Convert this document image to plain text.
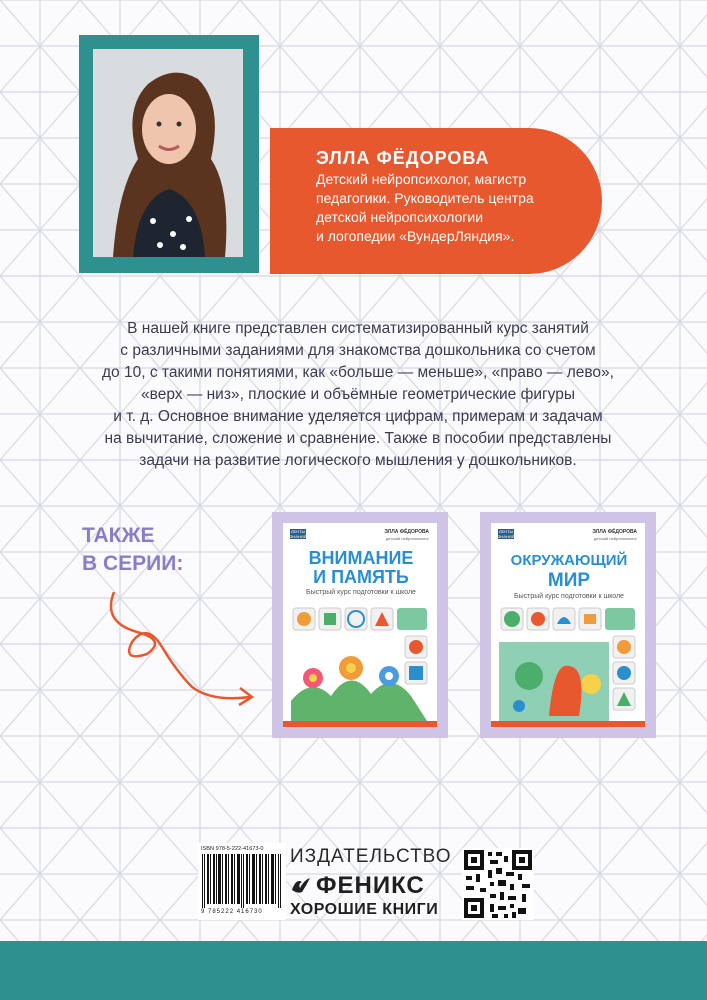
ЭЛЛА ФЁДОРОВА
Детский нейропсихолог, магистр
педагогики. Руководитель центра
детской нейропсихологии
и логопедии «ВундерЛяндия».
В нашей книге представлен систематизированный курс занятий
с различными заданиями для знакомства дошкольника со счетом
до 10, с такими понятиями, как «больше — меньше», «право — лево»,
«верх — низ», плоские и объёмные геометрические фигуры
и т. д. Основное внимание уделяется цифрам, примерам и задачам
на вычитание, сложение и сравнение. Также в пособии представлены
задачи на развитие логического мышления у дошкольников.
ТАКЖЕ
В СЕРИИ:
ЛЕНТЫ ЗНАНИЙ
ЭЛЛА ФЁДОРОВА
детский нейропсихолог
ВНИМАНИЕ
И ПАМЯТЬ
Быстрый курс подготовки к школе
ЛЕНТЫ ЗНАНИЙ
ЭЛЛА ФЁДОРОВА
детский нейропсихолог
ОКРУЖАЮЩИЙ
МИР
Быстрый курс подготовки к школе
ISBN 978-5-222-41673-0
9 785222 416730
ИЗДАТЕЛЬСТВО
ФЕНИКС
ХОРОШИЕ КНИГИ
